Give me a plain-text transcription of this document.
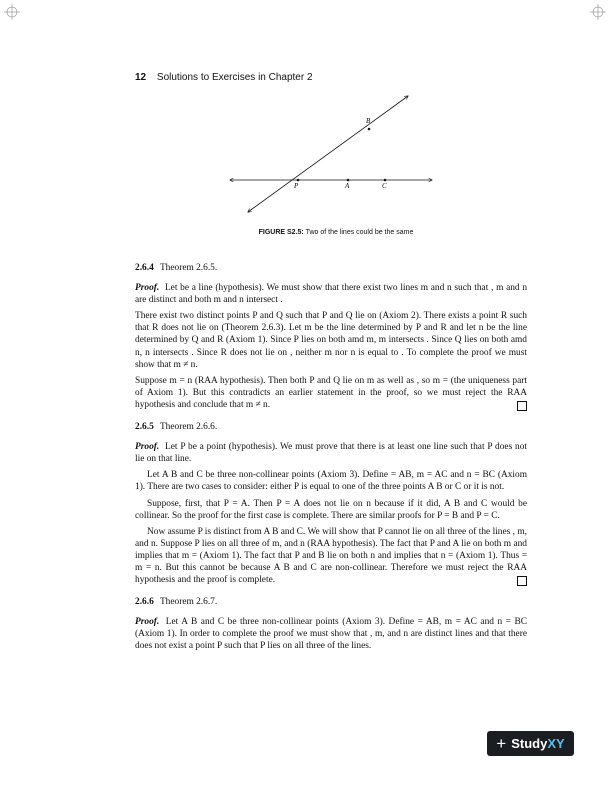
12 Solutions to Exercises in Chapter 2
B
P	A	C
FIGURE S2.5: Two of the lines could be the same
2.6.4 Theorem 2.6.5.

Proof. Let be a line (hypothesis). We must show that there exist two lines m and n such that , m and n are distinct and both m and n intersect .

There exist two distinct points P and Q such that P and Q lie on (Axiom 2). There exists a point R such that R does not lie on (Theorem 2.6.3). Let m be the line determined by P and R and let n be the line determined by Q and R (Axiom 1). Since P lies on both amd m, m intersects . Since Q lies on both amd n, n intersects . Since R does not lie on , neither m nor n is equal to . To complete the proof we must show that m ≠ n.

Suppose m = n (RAA hypothesis). Then both P and Q lie on m as well as , so m = (the uniqueness part of Axiom 1). But this contradicts an earlier statement in the proof, so we must reject the RAA hypothesis and conclude that m ≠ n.

2.6.5 Theorem 2.6.6.

Proof. Let P be a point (hypothesis). We must prove that there is at least one line such that P does not lie on that line.

Let A B and C be three non-collinear points (Axiom 3). Define = AB, m = AC and n = BC (Axiom 1). There are two cases to consider: either P is equal to one of the three points A B or C or it is not.

Suppose, first, that P = A. Then P = A does not lie on n because if it did, A B and C would be collinear. So the proof for the first case is complete. There are similar proofs for P = B and P = C.

Now assume P is distinct from A B and C. We will show that P cannot lie on all three of the lines , m, and n. Suppose P lies on all three of m, and n (RAA hypothesis). The fact that P and A lie on both m and implies that m = (Axiom 1). The fact that P and B lie on both n and implies that n = (Axiom 1). Thus = m = n. But this cannot be because A B and C are non-collinear. Therefore we must reject the RAA hypothesis and the proof is complete.

2.6.6 Theorem 2.6.7.

Proof. Let A B and C be three non-collinear points (Axiom 3). Define = AB, m = AC and n = BC (Axiom 1). In order to complete the proof we must show that , m, and n are distinct lines and that there does not exist a point P such that P lies on all three of the lines.

+ StudyXY
